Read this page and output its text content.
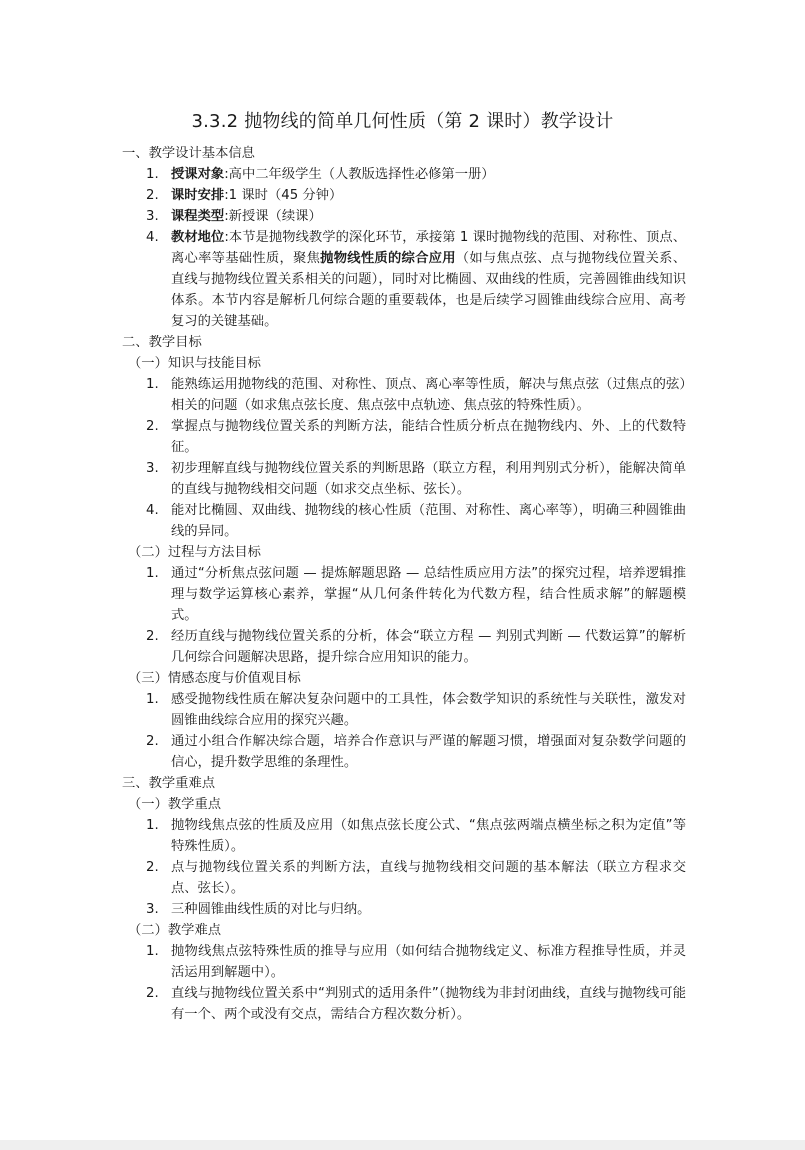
3.3.2 抛物线的简单几何性质（第 2 课时）教学设计
一、教学设计基本信息
1. 授课对象:高中二年级学生（人教版选择性必修第一册）
2. 课时安排:1 课时（45 分钟）
3. 课程类型:新授课（续课）
4. 教材地位:本节是抛物线教学的深化环节，承接第 1 课时抛物线的范围、对称性、顶点、离心率等基础性质，聚焦抛物线性质的综合应用（如与焦点弦、点与抛物线位置关系、直线与抛物线位置关系相关的问题），同时对比椭圆、双曲线的性质，完善圆锥曲线知识体系。本节内容是解析几何综合题的重要载体，也是后续学习圆锥曲线综合应用、高考复习的关键基础。
二、教学目标
（一）知识与技能目标
1. 能熟练运用抛物线的范围、对称性、顶点、离心率等性质，解决与焦点弦（过焦点的弦）相关的问题（如求焦点弦长度、焦点弦中点轨迹、焦点弦的特殊性质）。
2. 掌握点与抛物线位置关系的判断方法，能结合性质分析点在抛物线内、外、上的代数特征。
3. 初步理解直线与抛物线位置关系的判断思路（联立方程，利用判别式分析），能解决简单的直线与抛物线相交问题（如求交点坐标、弦长）。
4. 能对比椭圆、双曲线、抛物线的核心性质（范围、对称性、离心率等），明确三种圆锥曲线的异同。
（二）过程与方法目标
1. 通过“分析焦点弦问题 — 提炼解题思路 — 总结性质应用方法”的探究过程，培养逻辑推理与数学运算核心素养，掌握“从几何条件转化为代数方程，结合性质求解”的解题模式。
2. 经历直线与抛物线位置关系的分析，体会“联立方程 — 判别式判断 — 代数运算”的解析几何综合问题解决思路，提升综合应用知识的能力。
（三）情感态度与价值观目标
1. 感受抛物线性质在解决复杂问题中的工具性，体会数学知识的系统性与关联性，激发对圆锥曲线综合应用的探究兴趣。
2. 通过小组合作解决综合题，培养合作意识与严谨的解题习惯，增强面对复杂数学问题的信心，提升数学思维的条理性。
三、教学重难点
（一）教学重点
1. 抛物线焦点弦的性质及应用（如焦点弦长度公式、“焦点弦两端点横坐标之积为定值”等特殊性质）。
2. 点与抛物线位置关系的判断方法，直线与抛物线相交问题的基本解法（联立方程求交点、弦长）。
3. 三种圆锥曲线性质的对比与归纳。
（二）教学难点
1. 抛物线焦点弦特殊性质的推导与应用（如何结合抛物线定义、标准方程推导性质，并灵活运用到解题中）。
2. 直线与抛物线位置关系中“判别式的适用条件”（抛物线为非封闭曲线，直线与抛物线可能有一个、两个或没有交点，需结合方程次数分析）。
